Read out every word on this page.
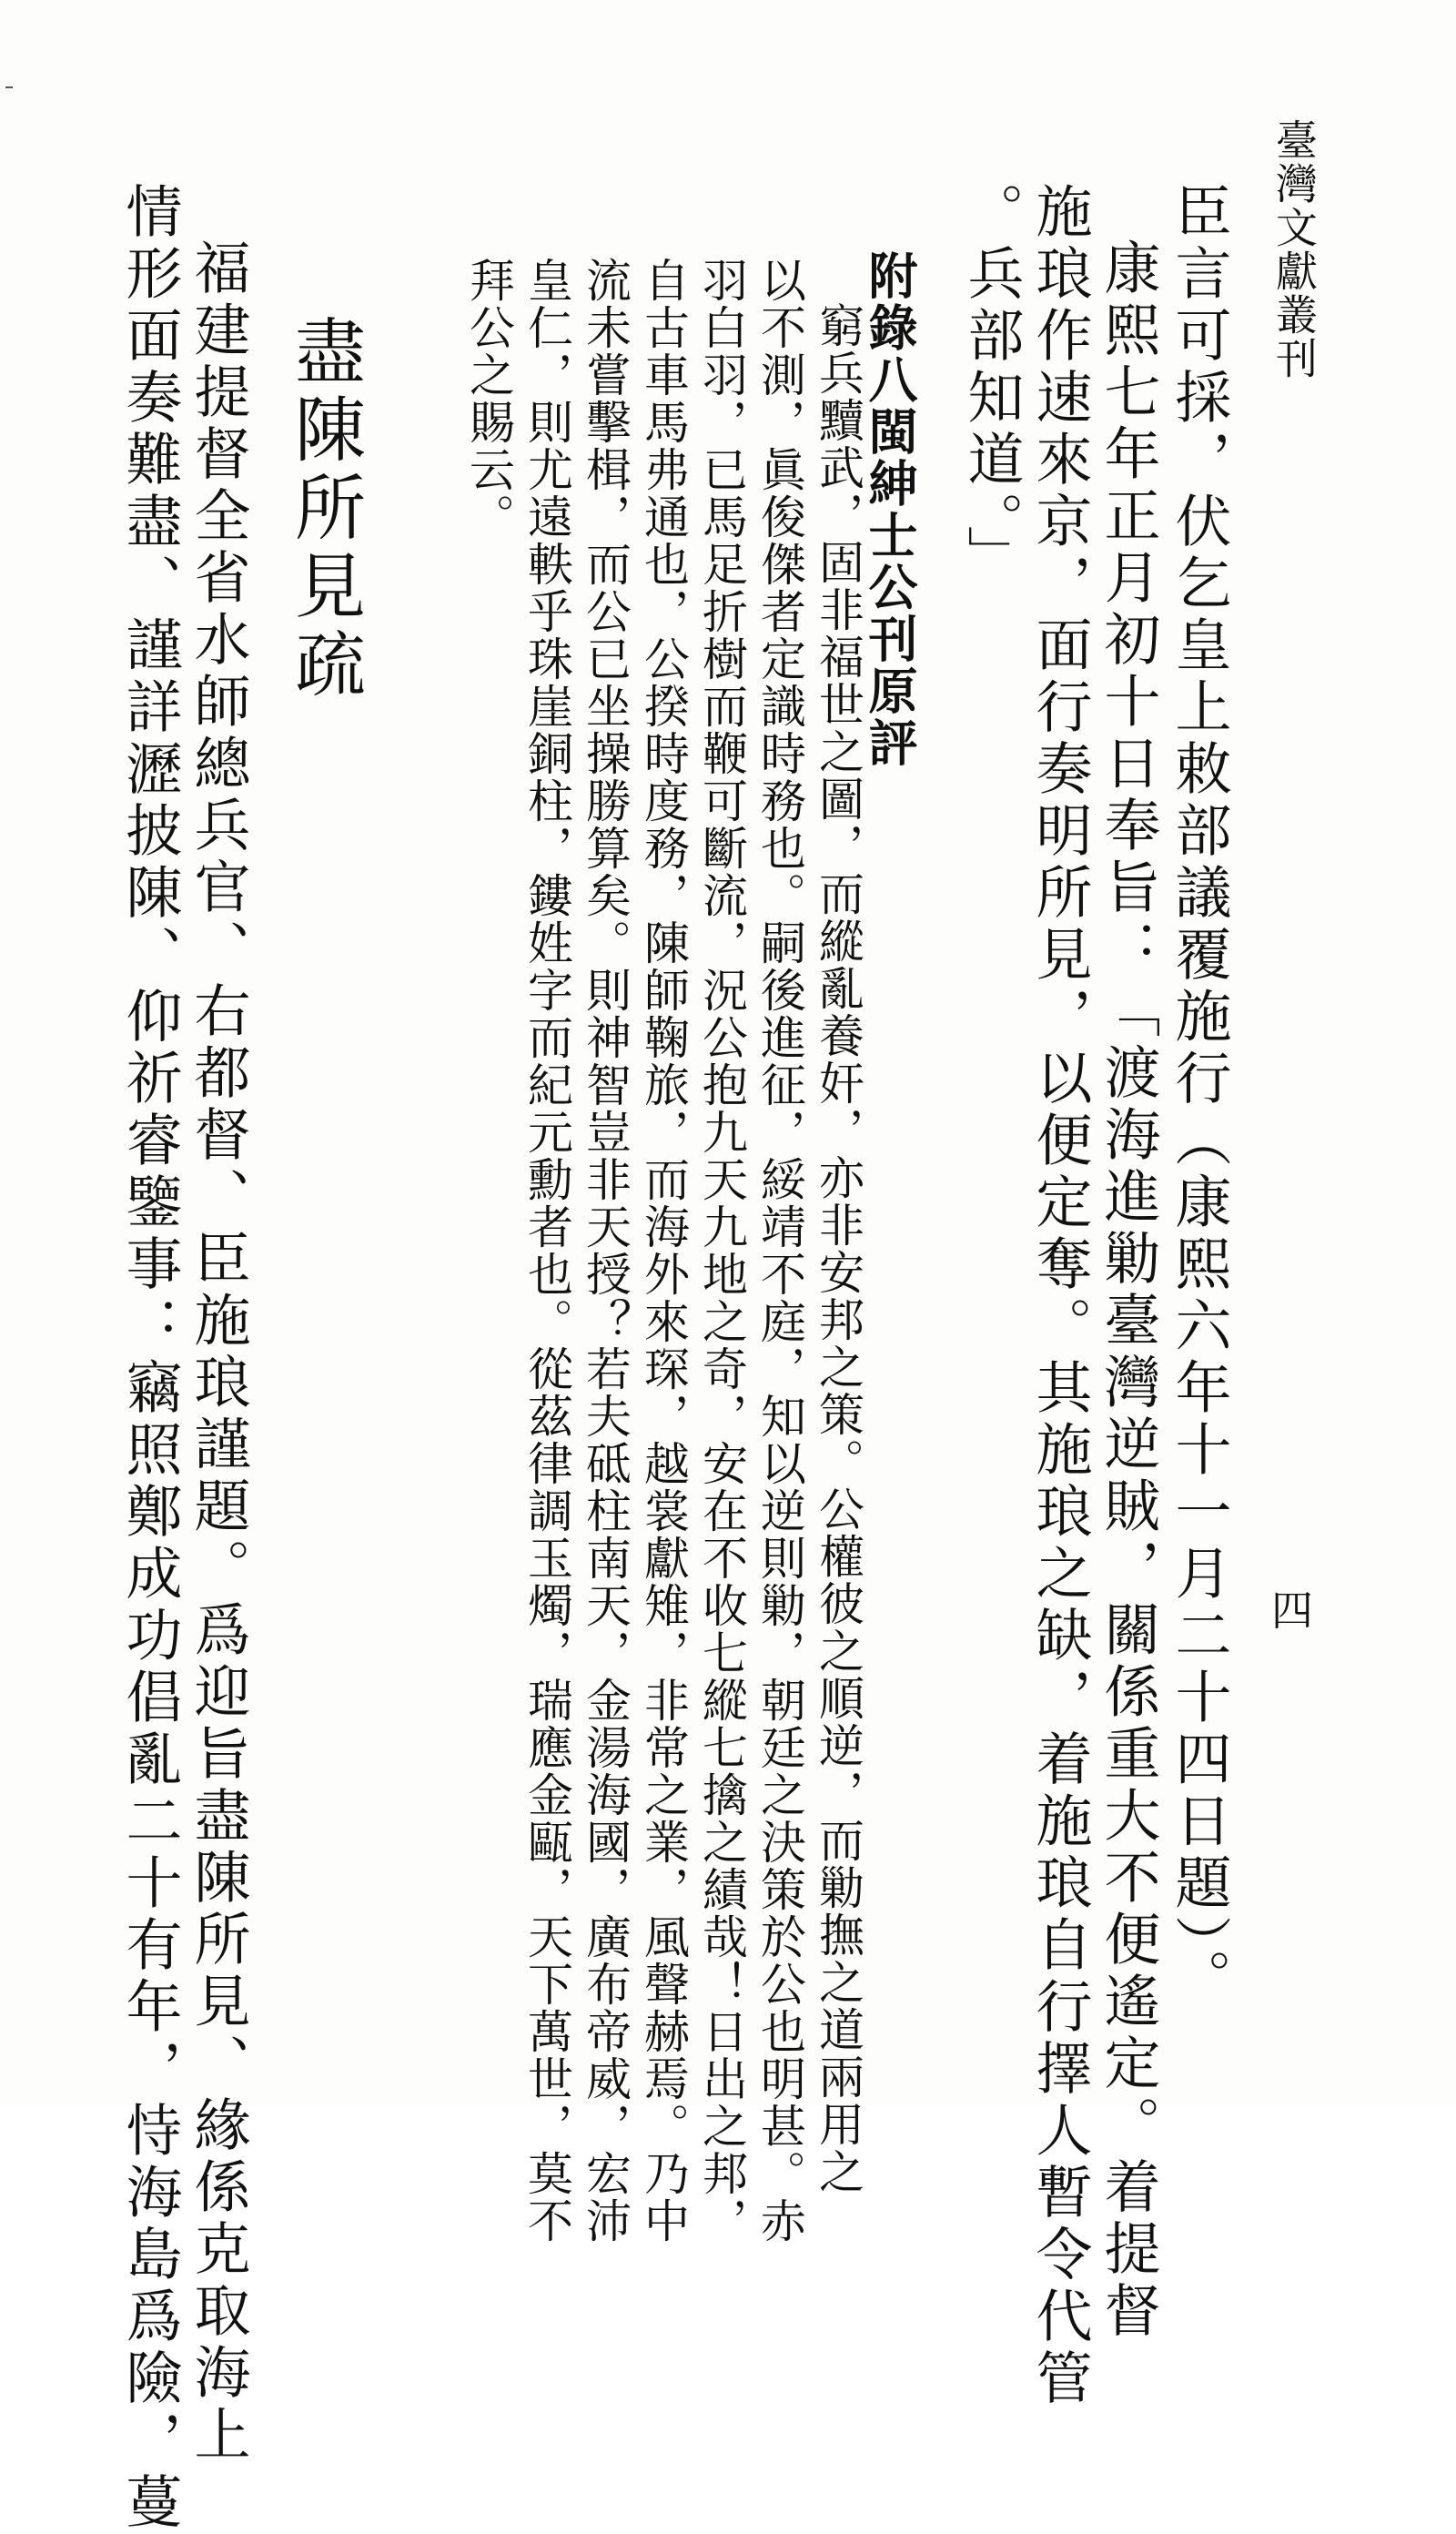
臺灣文獻叢刊
四
臣言可採，伏乞皇上敕部議覆施行（康熙六年十一月二十四日題）。
康熙七年正月初十日奉旨：「渡海進勦臺灣逆賊，關係重大不便遙定。着提督
施琅作速來京，面行奏明所見，以便定奪。其施琅之缺，着施琅自行擇人暫令代管
。兵部知道。」
附錄八閩紳士公刊原評
窮兵黷武，固非福世之圖，而縱亂養奸，亦非安邦之策。公權彼之順逆，而勦撫之道兩用之
以不測，眞俊傑者定識時務也。嗣後進征，綏靖不庭，知以逆則勦，朝廷之決策於公也明甚。赤
羽白羽，已馬足折樹而鞭可斷流，況公抱九天九地之奇，安在不收七縱七擒之績哉！日出之邦，
自古車馬弗通也，公揆時度務，陳師鞠旅，而海外來琛，越裳獻雉，非常之業，風聲赫焉。乃中
流未嘗擊楫，而公已坐操勝算矣。則神智豈非天授？若夫砥柱南天，金湯海國，廣布帝威，宏沛
皇仁，則尤遠軼乎珠崖銅柱，鏤姓字而紀元勳者也。從茲律調玉燭，瑞應金甌，天下萬世，莫不
拜公之賜云。
盡陳所見疏
福建提督全省水師總兵官、右都督、臣施琅謹題。爲迎旨盡陳所見、緣係克取海上
情形面奏難盡、謹詳瀝披陳、仰祈睿鑒事：竊照鄭成功倡亂二十有年，恃海島爲險，蔓
